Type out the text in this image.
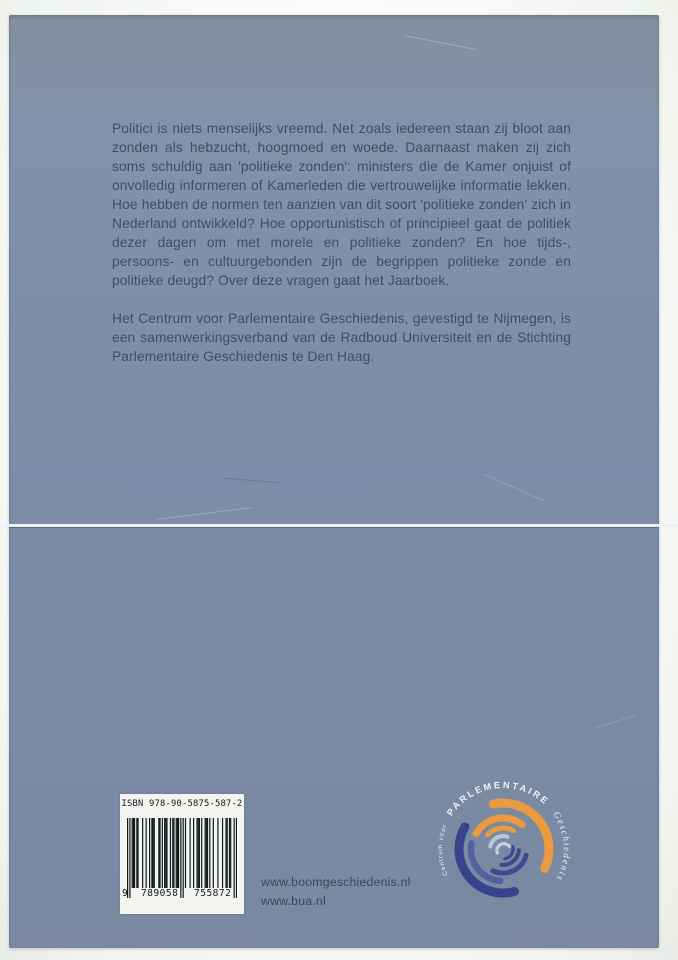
Politici is niets menselijks vreemd. Net zoals iedereen staan zij bloot aan zonden als hebzucht, hoogmoed en woede. Daarnaast maken zij zich soms schuldig aan 'politieke zonden': ministers die de Kamer onjuist of onvolledig informeren of Kamerleden die vertrouwelijke informatie lekken. Hoe hebben de normen ten aanzien van dit soort 'politieke zonden' zich in Nederland ontwikkeld? Hoe opportunistisch of principieel gaat de politiek dezer dagen om met morele en politieke zonden? En hoe tijds-, persoons- en cultuurgebonden zijn de begrippen politieke zonde en politieke deugd? Over deze vragen gaat het Jaarboek.

Het Centrum voor Parlementaire Geschiedenis, gevestigd te Nijmegen, is een samenwerkingsverband van de Radboud Universiteit en de Stichting Parlementaire Geschiedenis te Den Haag.

ISBN 978-90-5875-587-2
9 789058 755872
www.boomgeschiedenis.nl
www.bua.nl
Centrum voor PARLEMENTAIRE Geschiedenis
